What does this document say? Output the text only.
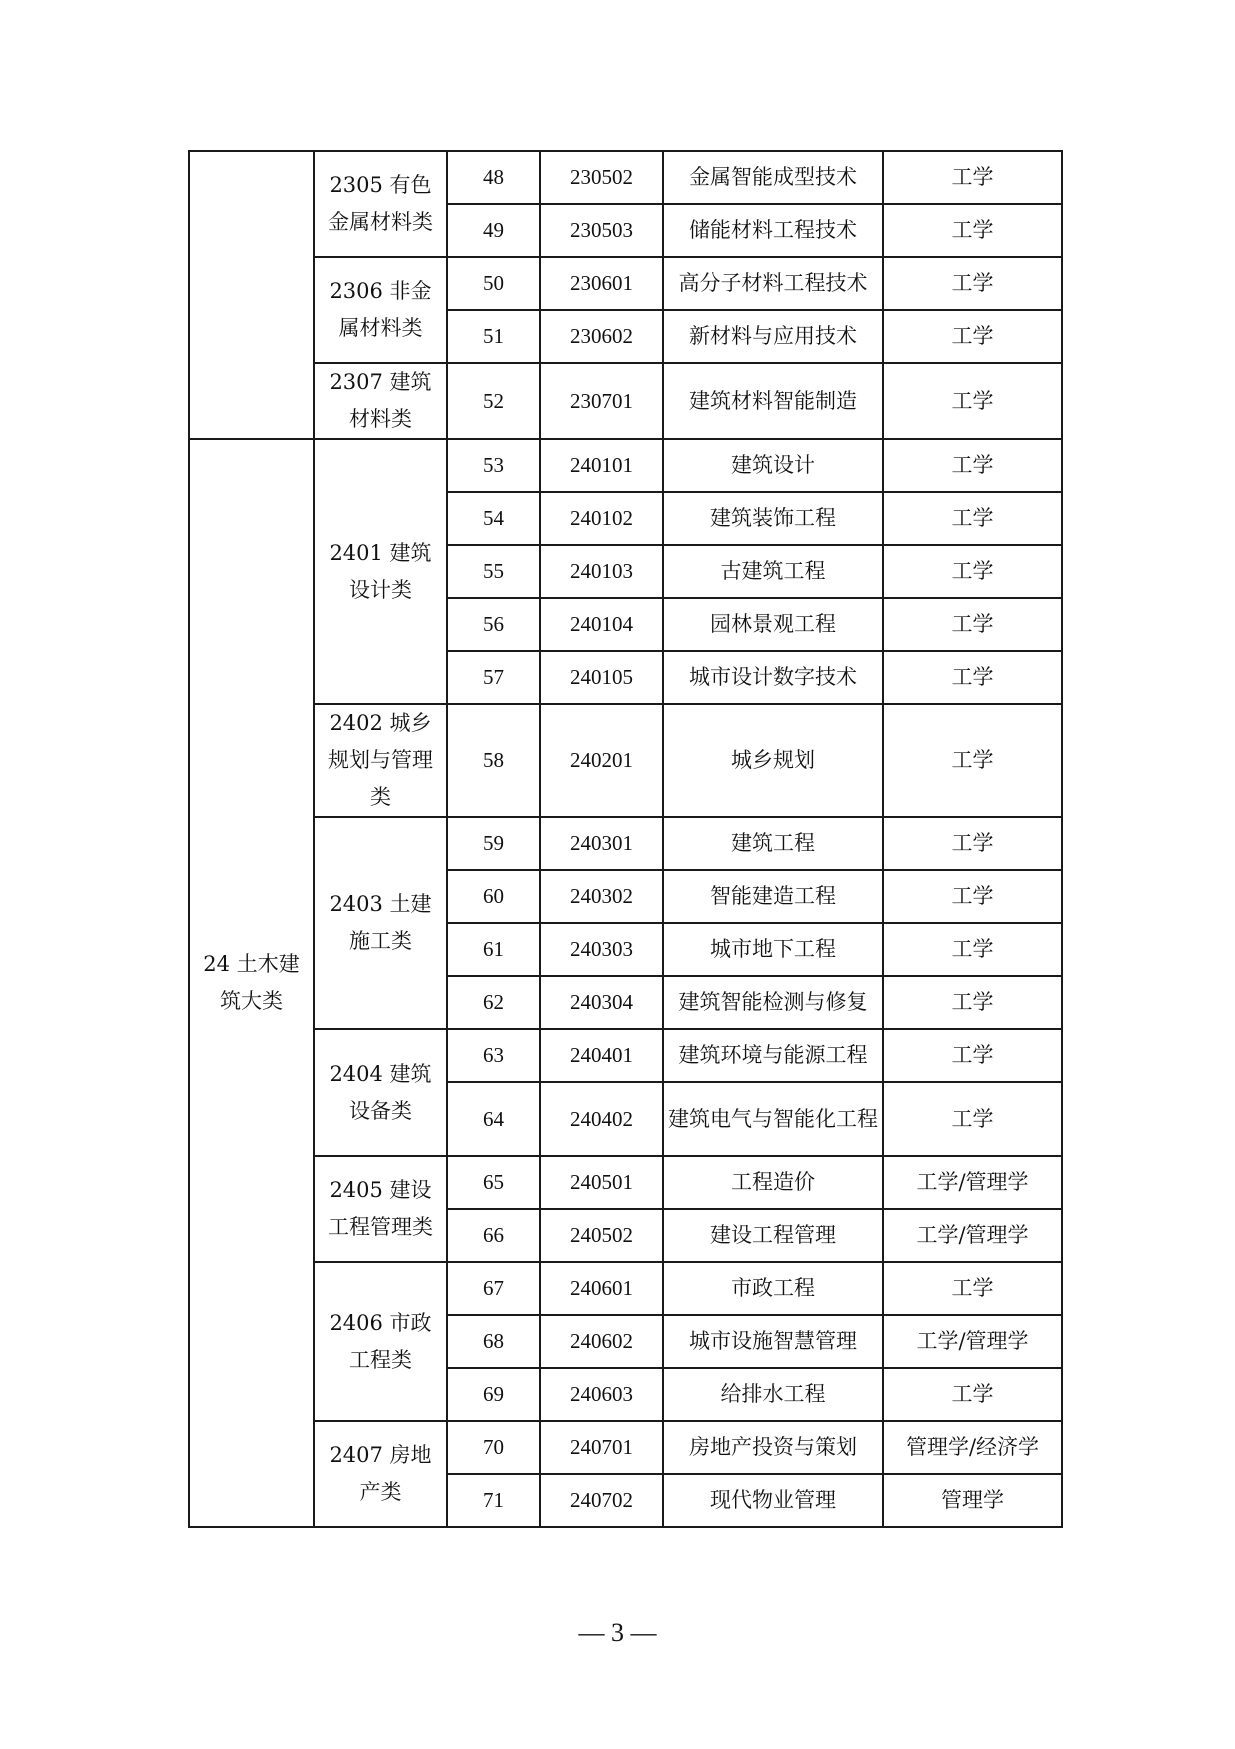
	2305 有色金属材料类	48	230502	金属智能成型技术	工学
		49	230503	储能材料工程技术	工学
	2306 非金属材料类	50	230601	高分子材料工程技术	工学
		51	230602	新材料与应用技术	工学
	2307 建筑材料类	52	230701	建筑材料智能制造	工学
24 土木建筑大类	2401 建筑设计类	53	240101	建筑设计	工学
		54	240102	建筑装饰工程	工学
		55	240103	古建筑工程	工学
		56	240104	园林景观工程	工学
		57	240105	城市设计数字技术	工学
	2402 城乡规划与管理类	58	240201	城乡规划	工学
	2403 土建施工类	59	240301	建筑工程	工学
		60	240302	智能建造工程	工学
		61	240303	城市地下工程	工学
		62	240304	建筑智能检测与修复	工学
	2404 建筑设备类	63	240401	建筑环境与能源工程	工学
		64	240402	建筑电气与智能化工程	工学
	2405 建设工程管理类	65	240501	工程造价	工学/管理学
		66	240502	建设工程管理	工学/管理学
	2406 市政工程类	67	240601	市政工程	工学
		68	240602	城市设施智慧管理	工学/管理学
		69	240603	给排水工程	工学
	2407 房地产类	70	240701	房地产投资与策划	管理学/经济学
		71	240702	现代物业管理	管理学
— 3 —
